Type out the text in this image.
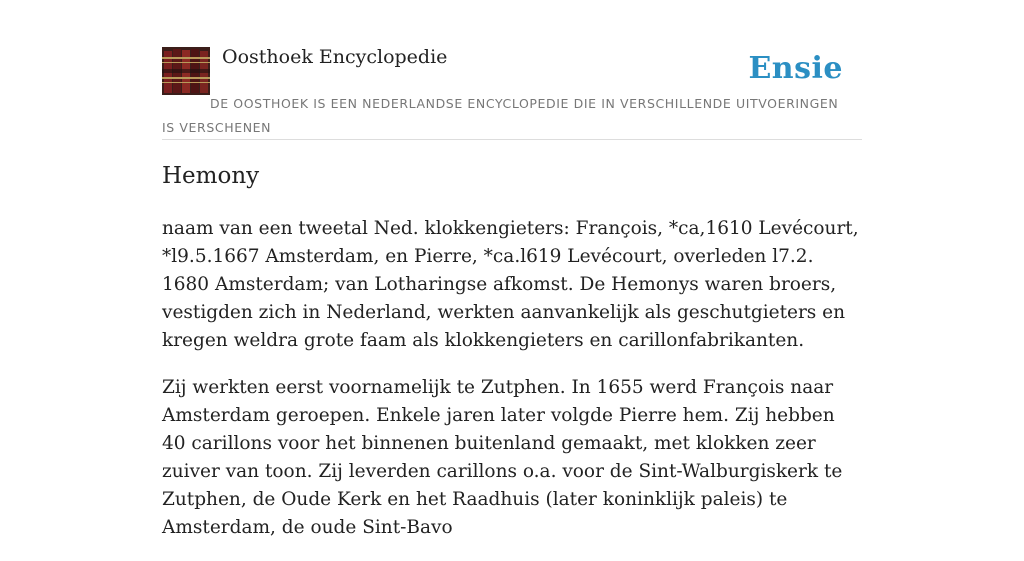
Oosthoek Encyclopedie	Ensie
DE OOSTHOEK IS EEN NEDERLANDSE ENCYCLOPEDIE DIE IN VERSCHILLENDE UITVOERINGEN IS VERSCHENEN
Hemony

naam van een tweetal Ned. klokkengieters: François, *ca,1610 Levécourt, *l9.5.1667 Amsterdam, en Pierre, *ca.l619 Levécourt, overleden l7.2. 1680 Amsterdam; van Lotharingse afkomst. De Hemonys waren broers, vestigden zich in Nederland, werkten aanvankelijk als geschutgieters en kregen weldra grote faam als klokkengieters en carillonfabrikanten.

Zij werkten eerst voornamelijk te Zutphen. In 1655 werd François naar Amsterdam geroepen. Enkele jaren later volgde Pierre hem. Zij hebben 40 carillons voor het binnenen buitenland gemaakt, met klokken zeer zuiver van toon. Zij leverden carillons o.a. voor de Sint-Walburgiskerk te Zutphen, de Oude Kerk en het Raadhuis (later koninklijk paleis) te Amsterdam, de oude Sint-Bavo
